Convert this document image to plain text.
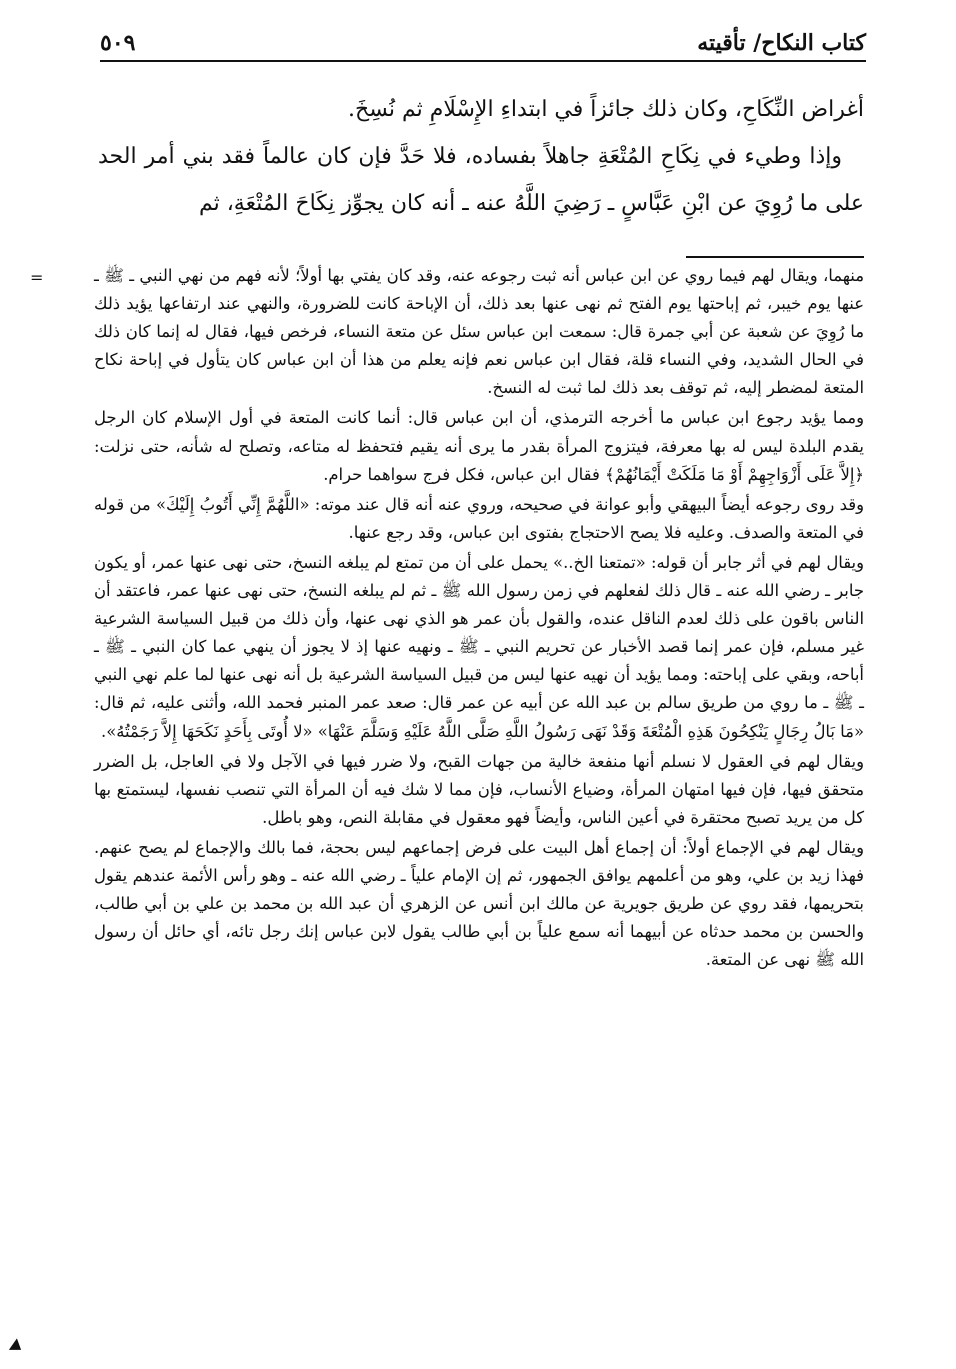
كتاب النكاح/ تأقيته
٥٠٩

أغراض النِّكَاحِ، وكان ذلك جائزاً في ابتداءِ الإِسْلَامِ ثم نُسِخَ.

وإذا وطيء في نِكَاحِ المُتْعَةِ جاهلاً بفساده، فلا حَدَّ فإن كان عالماً فقد بني أمر الحد على ما رُوِيَ عن ابْنِ عَبَّاسٍ ـ رَضِيَ اللَّهُ عنه ـ أنه كان يجوِّز نِكَاحَ المُتْعَةِ، ثم

=	منهما، ويقال لهم فيما روي عن ابن عباس أنه ثبت رجوعه عنه، وقد كان يفتي بها أولاً؛ لأنه فهم من نهي النبي ـ ﷺ ـ عنها يوم خيبر، ثم إباحتها يوم الفتح ثم نهى عنها بعد ذلك، أن الإباحة كانت للضرورة، والنهي عند ارتفاعها يؤيد ذلك ما رُوِيَ عن شعبة عن أبي جمرة قال: سمعت ابن عباس سئل عن متعة النساء، فرخص فيها، فقال له إنما كان ذلك في الحال الشديد، وفي النساء قلة، فقال ابن عباس نعم فإنه يعلم من هذا أن ابن عباس كان يتأول في إباحة نكاح المتعة لمضطر إليه، ثم توقف بعد ذلك لما ثبت له النسخ.

ومما يؤيد رجوع ابن عباس ما أخرجه الترمذي، أن ابن عباس قال: أنما كانت المتعة في أول الإسلام كان الرجل يقدم البلدة ليس له بها معرفة، فيتزوج المرأة بقدر ما يرى أنه يقيم فتحفظ له متاعه، وتصلح له شأنه، حتى نزلت: ﴿إِلاَّ عَلَى أَزْوَاجِهِمْ أَوْ مَا مَلَكَتْ أَيْمَانُهُمْ﴾ فقال ابن عباس، فكل فرج سواهما حرام.

وقد روى رجوعه أيضاً البيهقي وأبو عوانة في صحيحه، وروي عنه أنه قال عند موته: «اللَّهُمَّ إِنِّي أَتُوبُ إِلَيْكَ» من قوله في المتعة والصدف. وعليه فلا يصح الاحتجاج بفتوى ابن عباس، وقد رجع عنها.

ويقال لهم في أثر جابر أن قوله: «تمتعنا الخ..» يحمل على أن من تمتع لم يبلغه النسخ، حتى نهى عنها عمر، أو يكون جابر ـ رضي الله عنه ـ قال ذلك لفعلهم في زمن رسول الله ﷺ ـ ثم لم يبلغه النسخ، حتى نهى عنها عمر، فاعتقد أن الناس باقون على ذلك لعدم الناقل عنده، والقول بأن عمر هو الذي نهى عنها، وأن ذلك من قبيل السياسة الشرعية غير مسلم، فإن عمر إنما قصد الأخبار عن تحريم النبي ـ ﷺ ـ ونهيه عنها إذ لا يجوز أن ينهي عما كان النبي ـ ﷺ ـ أباحه، وبقي على إباحته: ومما يؤيد أن نهيه عنها ليس من قبيل السياسة الشرعية بل أنه نهى عنها لما علم نهي النبي ـ ﷺ ـ ما روي من طريق سالم بن عبد الله عن أبيه عن عمر قال: صعد عمر المنبر فحمد الله، وأثنى عليه، ثم قال: «مَا بَالُ رِجَالٍ يَنْكِحُونَ هَذِهِ الْمُتْعَةَ وَقَدْ نَهَى رَسُولُ اللَّهِ صَلَّى اللَّهُ عَلَيْهِ وَسَلَّمَ عَنْهَا» «لا أُوتَى بِأَحَدٍ نَكَحَهَا إِلاَّ رَجَمْتُهُ».

ويقال لهم في العقول لا نسلم أنها منفعة خالية من جهات القبح، ولا ضرر فيها في الآجل ولا في العاجل، بل الضرر متحقق فيها، فإن فيها امتهان المرأة، وضياع الأنساب، فإن مما لا شك فيه أن المرأة التي تنصب نفسها، ليستمتع بها كل من يريد تصبح محتقرة في أعين الناس، وأيضاً فهو معقول في مقابلة النص، وهو باطل.

ويقال لهم في الإجماع أولاً: أن إجماع أهل البيت على فرض إجماعهم ليس بحجة، فما بالك والإجماع لم يصح عنهم. فهذا زيد بن علي، وهو من أعلمهم يوافق الجمهور، ثم إن الإمام علياً ـ رضي الله عنه ـ وهو رأس الأئمة عندهم يقول بتحريمها، فقد روي عن طريق جويرية عن مالك ابن أنس عن الزهري أن عبد الله بن محمد بن علي بن أبي طالب، والحسن بن محمد حدثاه عن أبيهما أنه سمع علياً بن أبي طالب يقول لابن عباس إنك رجل تائه، أي حائل أن رسول الله ﷺ نهى عن المتعة.
